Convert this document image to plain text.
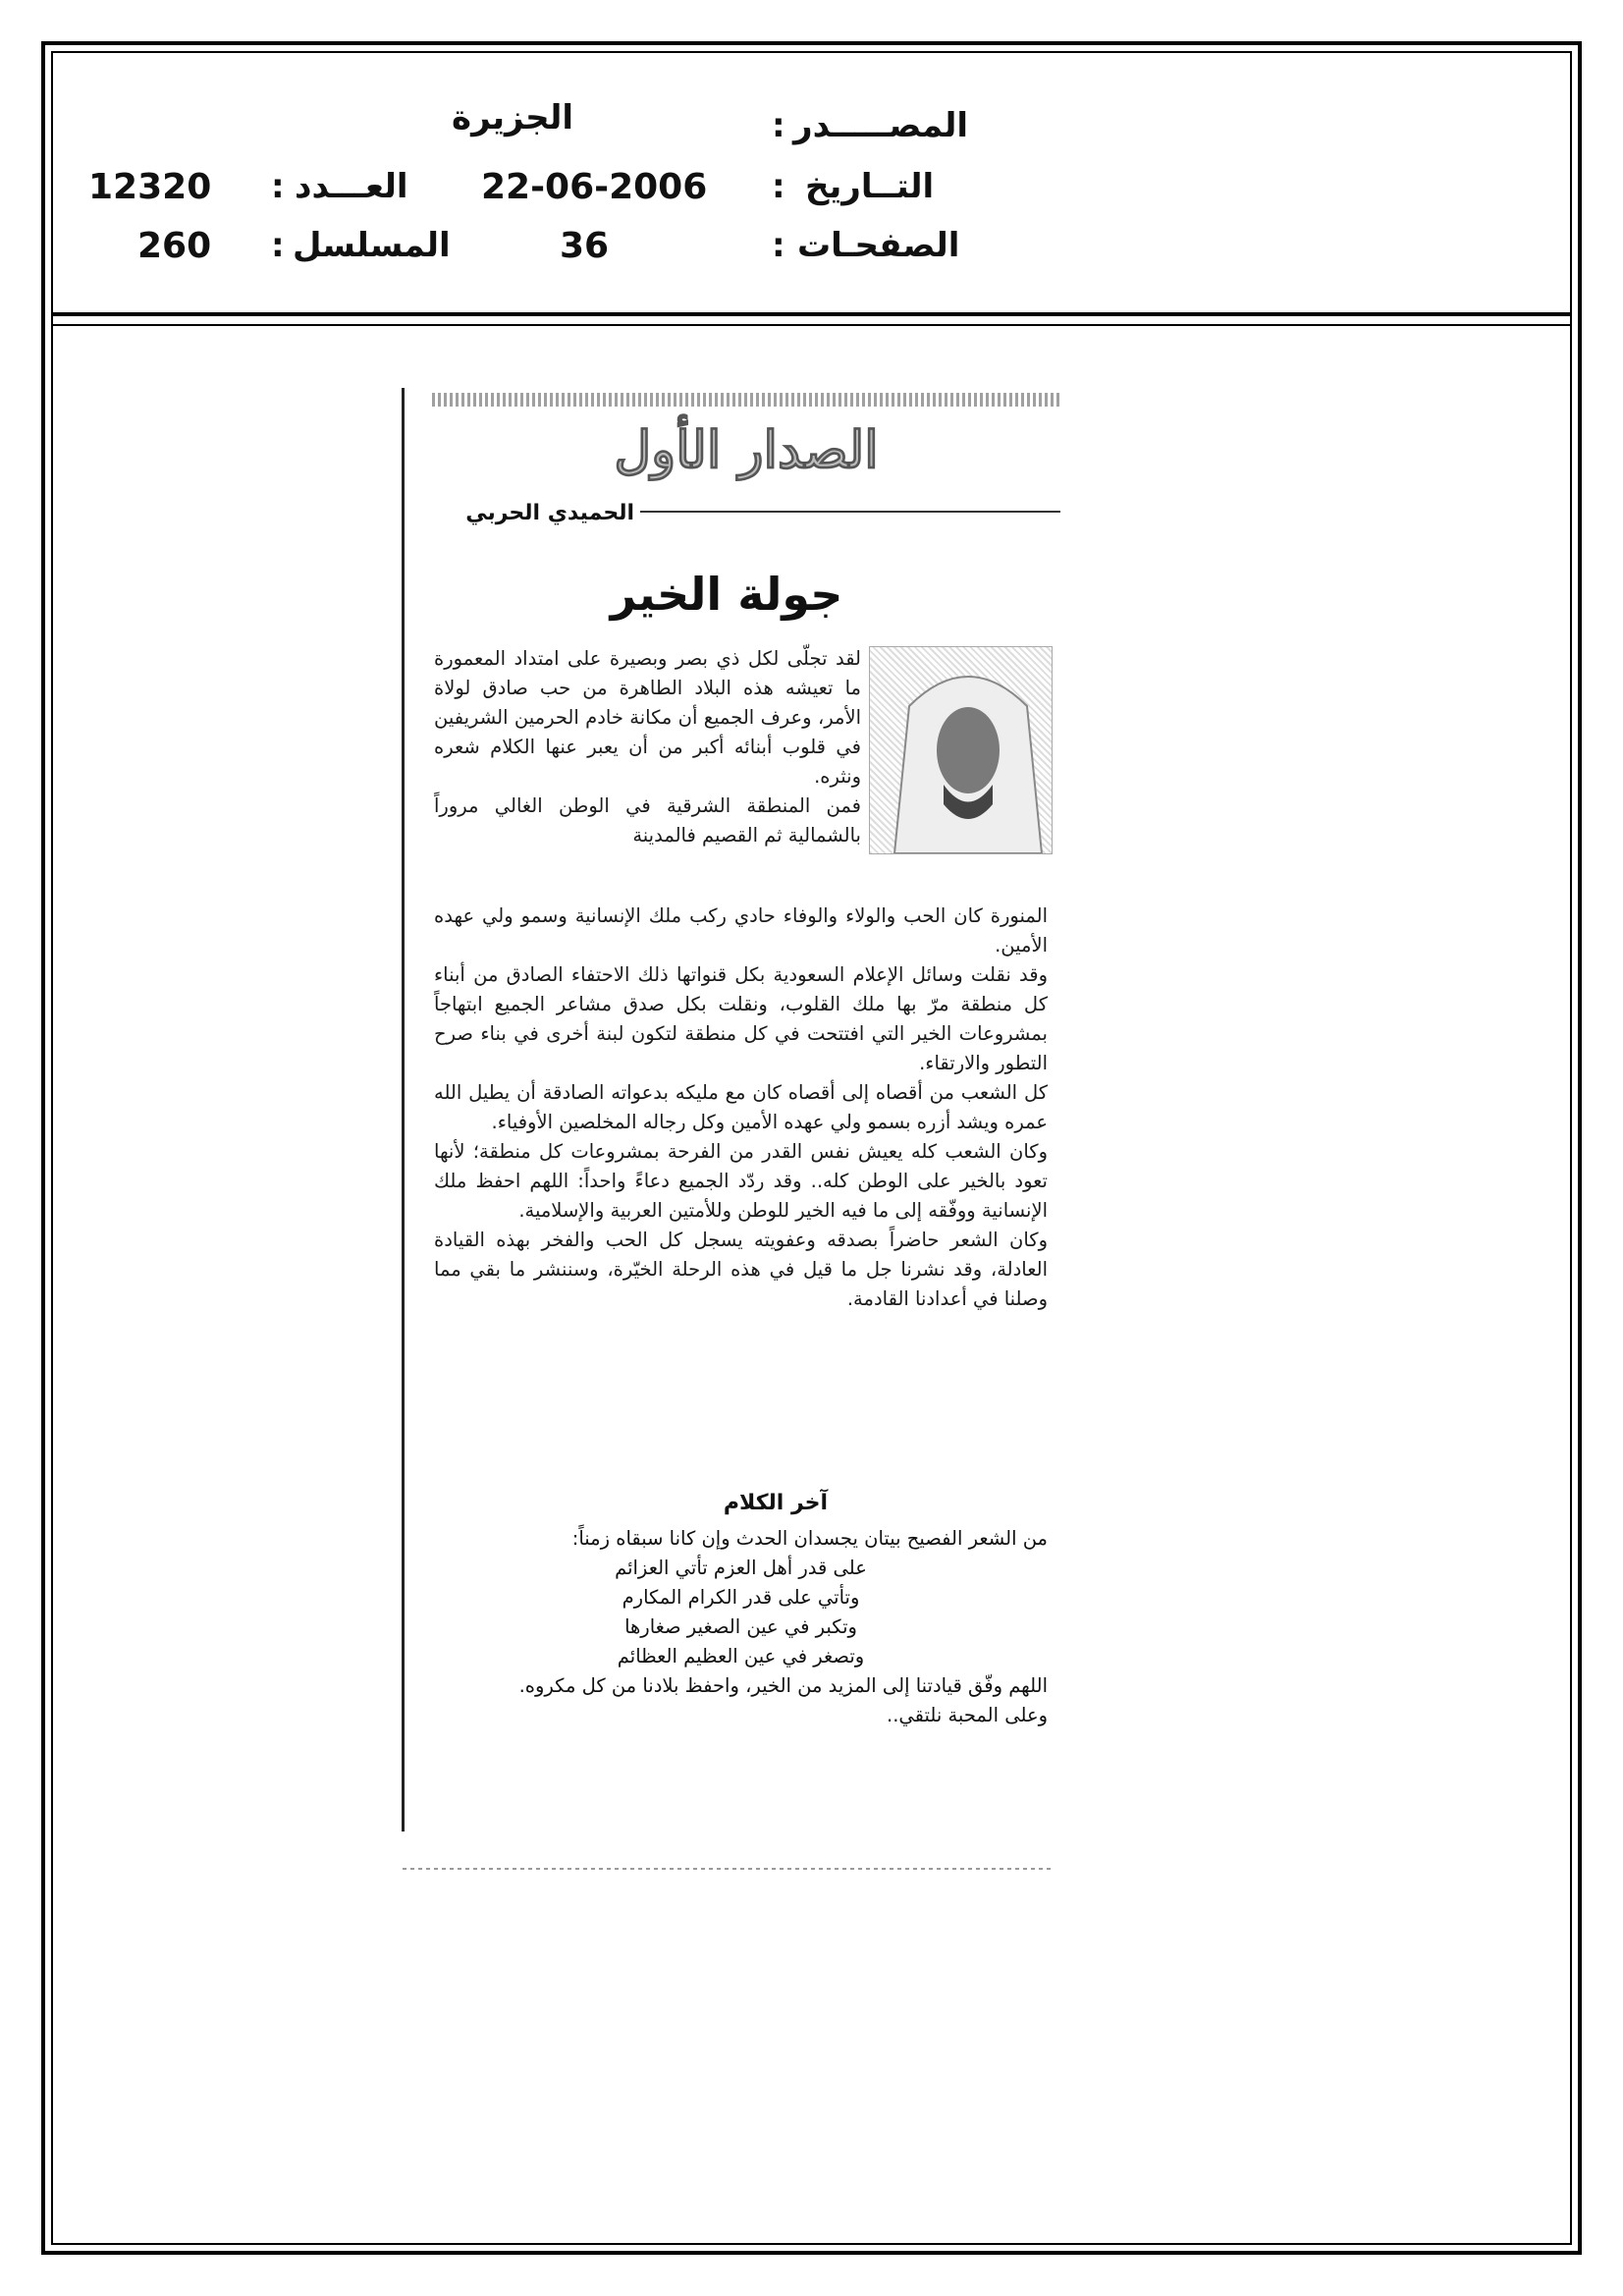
المصـــــدر
:
الجزيرة
التــاريخ
:
22-06-2006
الصفحـات
:
36
العـــدد
:
12320
المسلسل
:
260
الصدار الأول
الحميدي الحربي
جولة الخير

لقد تجلّى لكل ذي بصر وبصيرة على امتداد المعمورة ما تعيشه هذه البلاد الطاهرة من حب صادق لولاة الأمر، وعرف الجميع أن مكانة خادم الحرمين الشريفين في قلوب أبنائه أكبر من أن يعبر عنها الكلام شعره ونثره.

فمن المنطقة الشرقية في الوطن الغالي مروراً بالشمالية ثم القصيم فالمدينة

المنورة كان الحب والولاء والوفاء حادي ركب ملك الإنسانية وسمو ولي عهده الأمين.

وقد نقلت وسائل الإعلام السعودية بكل قنواتها ذلك الاحتفاء الصادق من أبناء كل منطقة مرّ بها ملك القلوب، ونقلت بكل صدق مشاعر الجميع ابتهاجاً بمشروعات الخير التي افتتحت في كل منطقة لتكون لبنة أخرى في بناء صرح التطور والارتقاء.

كل الشعب من أقصاه إلى أقصاه كان مع مليكه بدعواته الصادقة أن يطيل الله عمره ويشد أزره بسمو ولي عهده الأمين وكل رجاله المخلصين الأوفياء.

وكان الشعب كله يعيش نفس القدر من الفرحة بمشروعات كل منطقة؛ لأنها تعود بالخير على الوطن كله.. وقد ردّد الجميع دعاءً واحداً: اللهم احفظ ملك الإنسانية ووفّقه إلى ما فيه الخير للوطن وللأمتين العربية والإسلامية.

وكان الشعر حاضراً بصدقه وعفويته يسجل كل الحب والفخر بهذه القيادة العادلة، وقد نشرنا جل ما قيل في هذه الرحلة الخيّرة، وسننشر ما بقي مما وصلنا في أعدادنا القادمة.

آخر الكلام

من الشعر الفصيح بيتان يجسدان الحدث وإن كانا سبقاه زمناً:

على قدر أهل العزم تأتي العزائم

وتأتي على قدر الكرام المكارم

وتكبر في عين الصغير صغارها

وتصغر في عين العظيم العظائم

اللهم وفّق قيادتنا إلى المزيد من الخير، واحفظ بلادنا من كل مكروه.

وعلى المحبة نلتقي..
